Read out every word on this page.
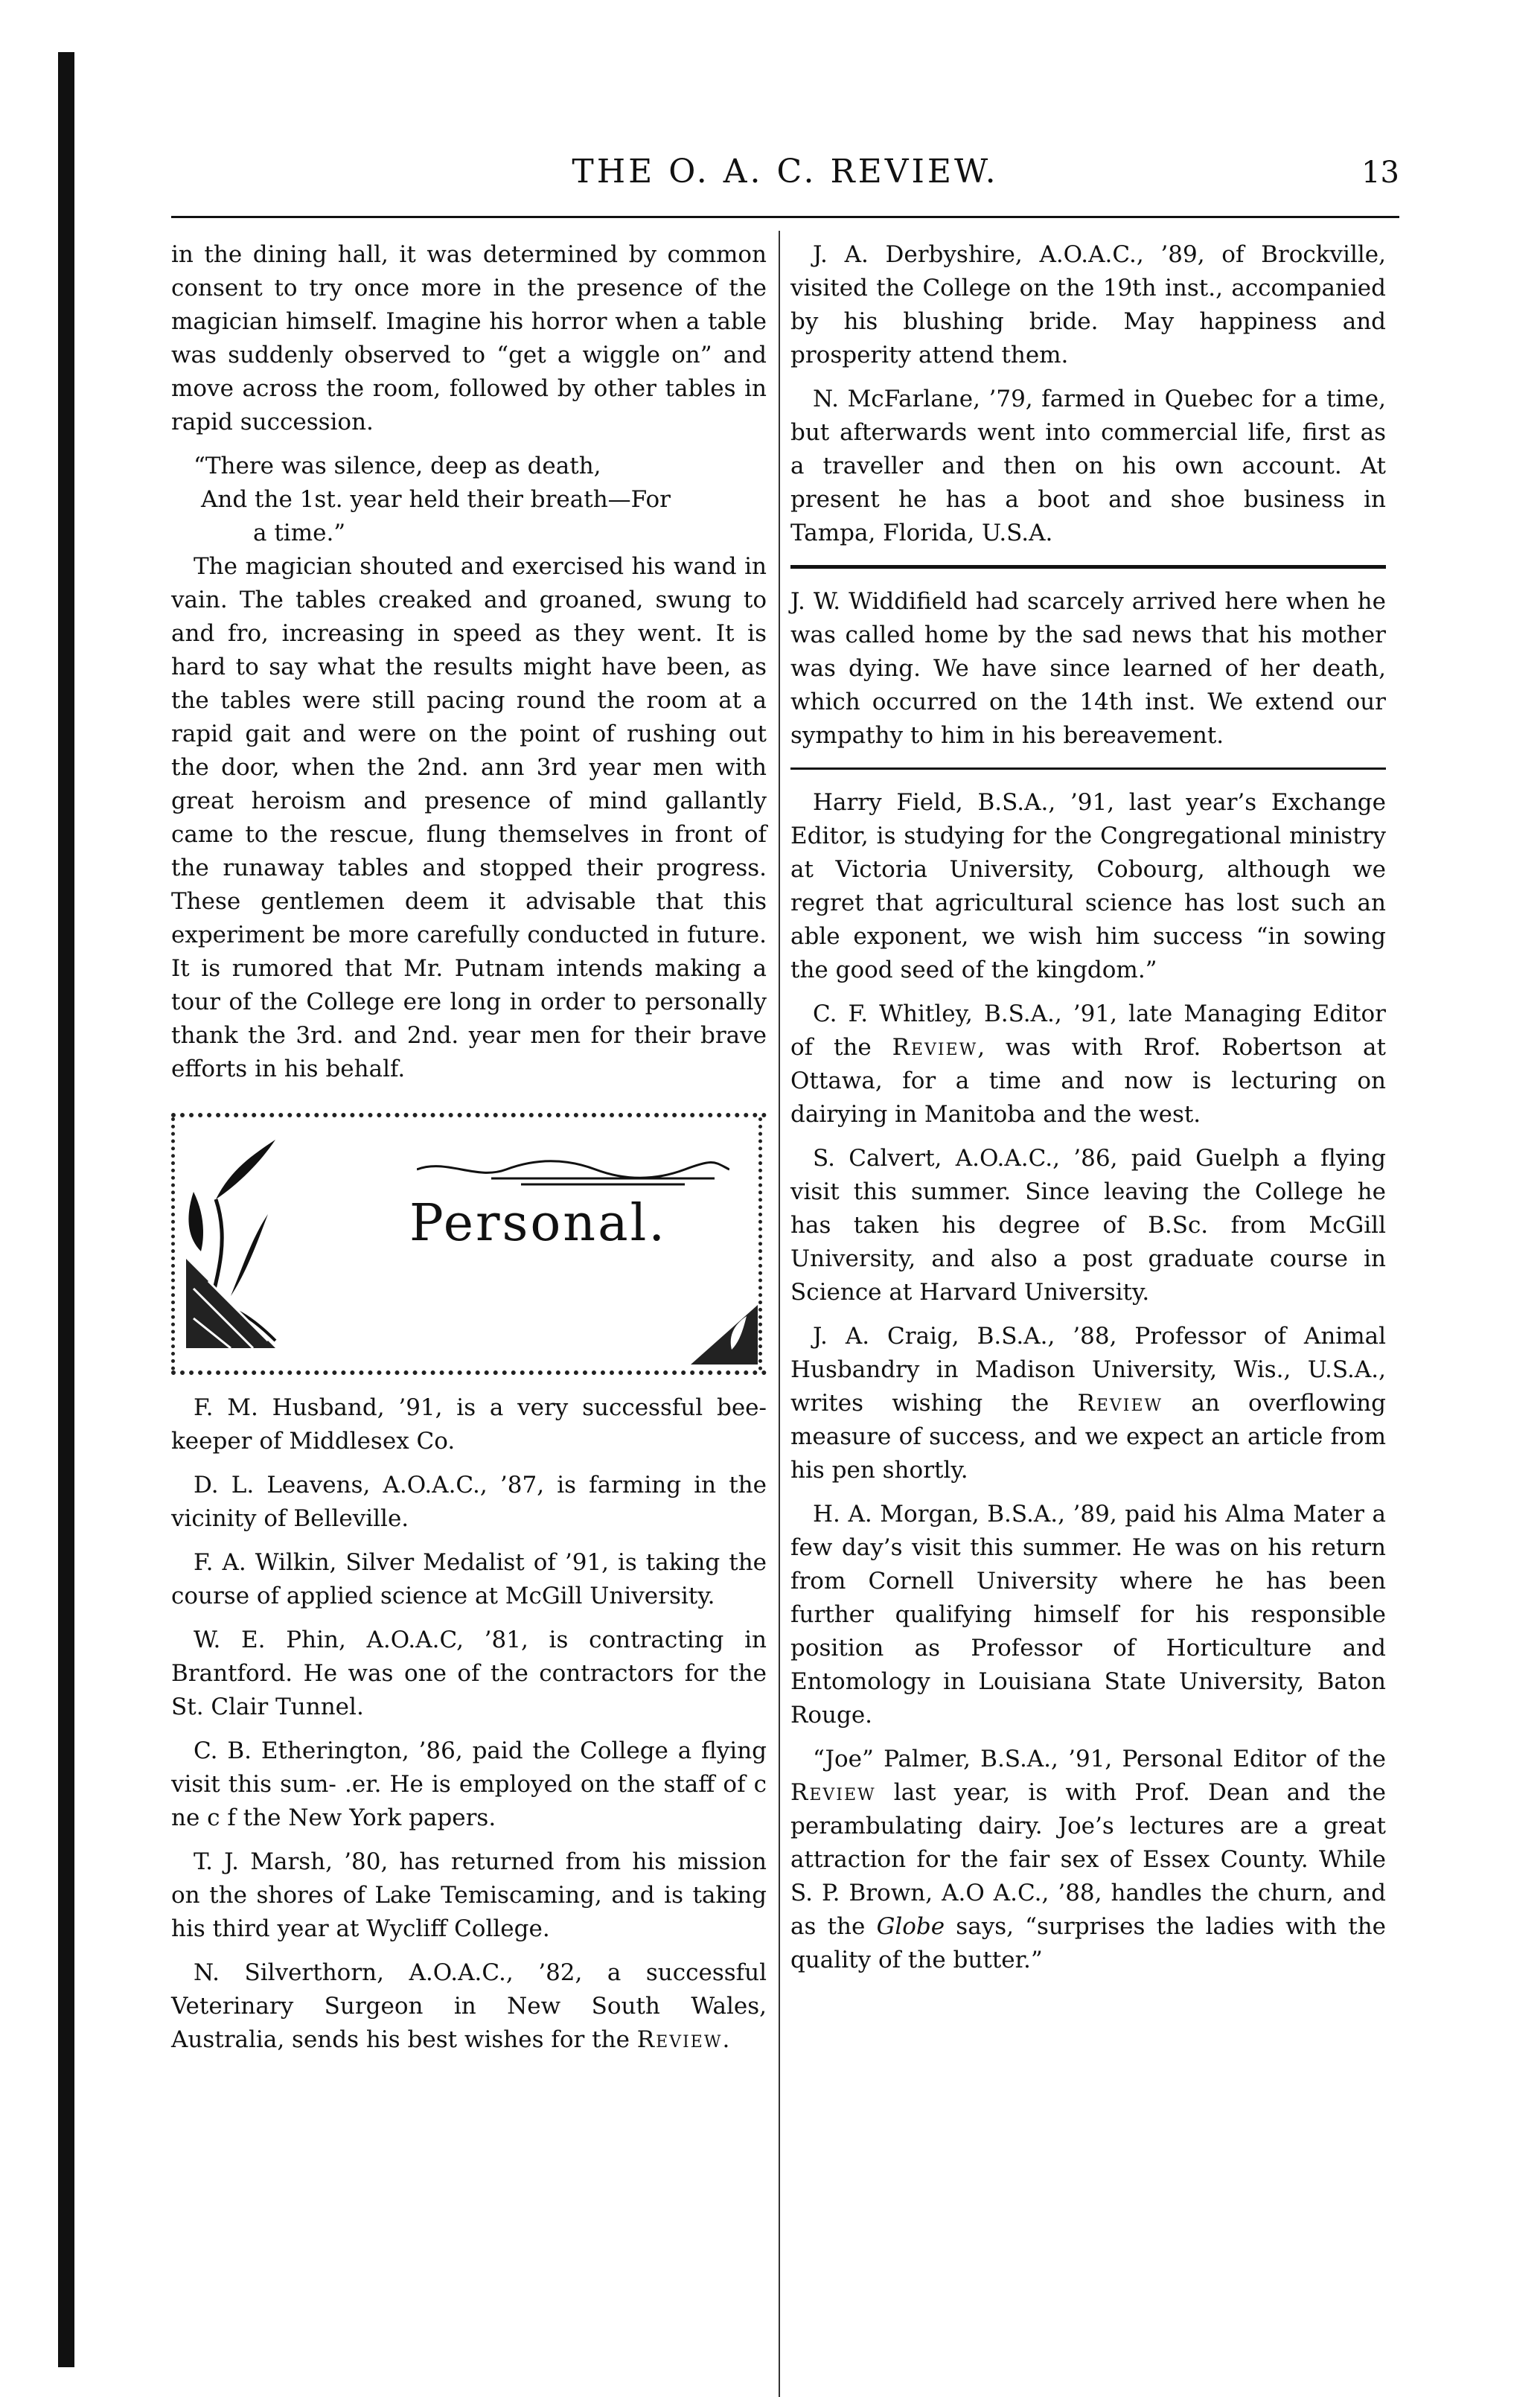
THE O. A. C. REVIEW.	13

in the dining hall, it was determined by common consent to try once more in the presence of the magician himself. Imagine his horror when a table was suddenly observed to “get a wiggle on” and move across the room, followed by other tables in rapid succession.

“There was silence, deep as death,
And the 1st. year held their breath—For
a time.”

The magician shouted and exercised his wand in vain. The tables creaked and groaned, swung to and fro, increasing in speed as they went. It is hard to say what the results might have been, as the tables were still pacing round the room at a rapid gait and were on the point of rushing out the door, when the 2nd. ann 3rd year men with great heroism and presence of mind gallantly came to the rescue, flung themselves in front of the runaway tables and stopped their progress. These gentlemen deem it advisable that this experiment be more carefully conducted in future. It is rumored that Mr. Putnam intends making a tour of the College ere long in order to personally thank the 3rd. and 2nd. year men for their brave efforts in his behalf.

Personal.

F. M. Husband, ’91, is a very successful bee-keeper of Middlesex Co.

D. L. Leavens, A.O.A.C., ’87, is farming in the vicinity of Belleville.

F. A. Wilkin, Silver Medalist of ’91, is taking the course of applied science at McGill University.

W. E. Phin, A.O.A.C, ’81, is contracting in Brantford. He was one of the contractors for the St. Clair Tunnel.

C. B. Etherington, ’86, paid the College a flying visit this sum- .er. He is employed on the staff of c ne c f the New York papers.

T. J. Marsh, ’80, has returned from his mission on the shores of Lake Temiscaming, and is taking his third year at Wycliff College.

N. Silverthorn, A.O.A.C., ’82, a successful Veterinary Surgeon in New South Wales, Australia, sends his best wishes for the Review.

J. A. Derbyshire, A.O.A.C., ’89, of Brockville, visited the College on the 19th inst., accompanied by his blushing bride. May happiness and prosperity attend them.

N. McFarlane, ’79, farmed in Quebec for a time, but afterwards went into commercial life, first as a traveller and then on his own account. At present he has a boot and shoe business in Tampa, Florida, U.S.A.

J. W. Widdifield had scarcely arrived here when he was called home by the sad news that his mother was dying. We have since learned of her death, which occurred on the 14th inst. We extend our sympathy to him in his bereavement.

Harry Field, B.S.A., ’91, last year’s Exchange Editor, is studying for the Congregational ministry at Victoria University, Cobourg, although we regret that agricultural science has lost such an able exponent, we wish him success “in sowing the good seed of the kingdom.”

C. F. Whitley, B.S.A., ’91, late Managing Editor of the Review, was with Rrof. Robertson at Ottawa, for a time and now is lecturing on dairying in Manitoba and the west.

S. Calvert, A.O.A.C., ’86, paid Guelph a flying visit this summer. Since leaving the College he has taken his degree of B.Sc. from McGill University, and also a post graduate course in Science at Harvard University.

J. A. Craig, B.S.A., ’88, Professor of Animal Husbandry in Madison University, Wis., U.S.A., writes wishing the Review an overflowing measure of success, and we expect an article from his pen shortly.

H. A. Morgan, B.S.A., ’89, paid his Alma Mater a few day’s visit this summer. He was on his return from Cornell University where he has been further qualifying himself for his responsible position as Professor of Horticulture and Entomology in Louisiana State University, Baton Rouge.

“Joe” Palmer, B.S.A., ’91, Personal Editor of the Review last year, is with Prof. Dean and the perambulating dairy. Joe’s lectures are a great attraction for the fair sex of Essex County. While S. P. Brown, A.O A.C., ’88, handles the churn, and as the Globe says, “surprises the ladies with the quality of the butter.”
